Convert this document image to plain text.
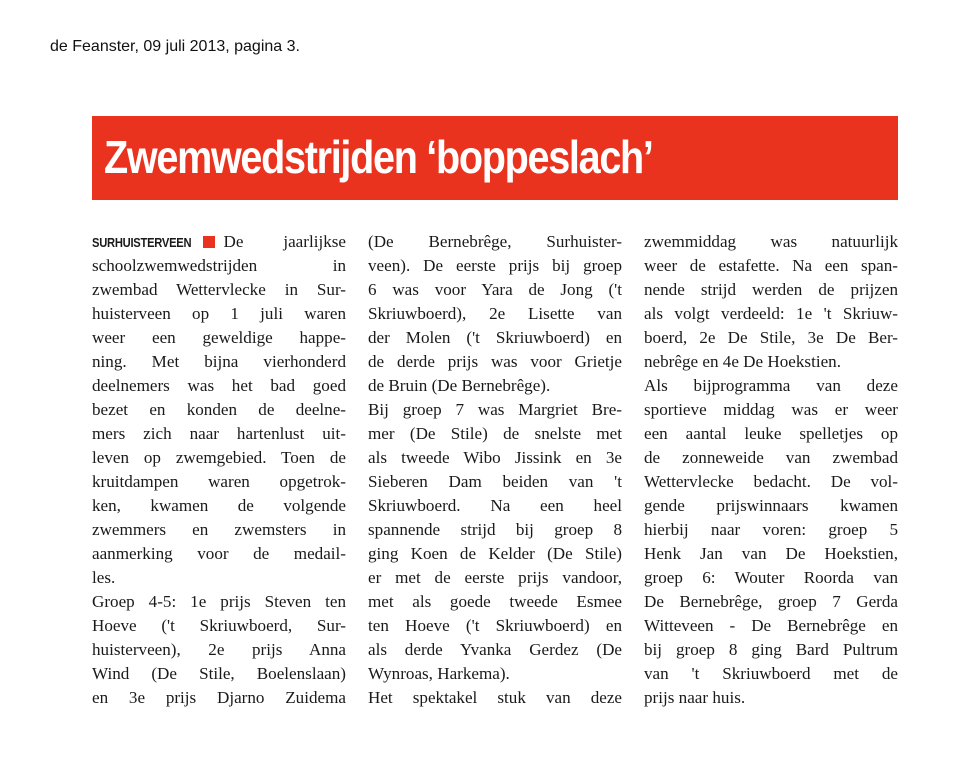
de Feanster, 09 juli 2013, pagina 3.
Zwemwedstrijden ‘boppeslach’
SURHUISTERVEEN De jaarlijkse
schoolzwemwedstrijden in
zwembad Wettervlecke in Sur-
huisterveen op 1 juli waren
weer een geweldige happe-
ning. Met bijna vierhonderd
deelnemers was het bad goed
bezet en konden de deelne-
mers zich naar hartenlust uit-
leven op zwemgebied. Toen de
kruitdampen waren opgetrok-
ken, kwamen de volgende
zwemmers en zwemsters in
aanmerking voor de medail-
les.
Groep 4-5: 1e prijs Steven ten
Hoeve ('t Skriuwboerd, Sur-
huisterveen), 2e prijs Anna
Wind (De Stile, Boelenslaan)
en 3e prijs Djarno Zuidema
(De Bernebrêge, Surhuister-
veen). De eerste prijs bij groep
6 was voor Yara de Jong ('t
Skriuwboerd), 2e Lisette van
der Molen ('t Skriuwboerd) en
de derde prijs was voor Grietje
de Bruin (De Bernebrêge).
Bij groep 7 was Margriet Bre-
mer (De Stile) de snelste met
als tweede Wibo Jissink en 3e
Sieberen Dam beiden van 't
Skriuwboerd. Na een heel
spannende strijd bij groep 8
ging Koen de Kelder (De Stile)
er met de eerste prijs vandoor,
met als goede tweede Esmee
ten Hoeve ('t Skriuwboerd) en
als derde Yvanka Gerdez (De
Wynroas, Harkema).
Het spektakel stuk van deze
zwemmiddag was natuurlijk
weer de estafette. Na een span-
nende strijd werden de prijzen
als volgt verdeeld: 1e 't Skriuw-
boerd, 2e De Stile, 3e De Ber-
nebrêge en 4e De Hoekstien.
Als bijprogramma van deze
sportieve middag was er weer
een aantal leuke spelletjes op
de zonneweide van zwembad
Wettervlecke bedacht. De vol-
gende prijswinnaars kwamen
hierbij naar voren: groep 5
Henk Jan van De Hoekstien,
groep 6: Wouter Roorda van
De Bernebrêge, groep 7 Gerda
Witteveen - De Bernebrêge en
bij groep 8 ging Bard Pultrum
van 't Skriuwboerd met de
prijs naar huis.
